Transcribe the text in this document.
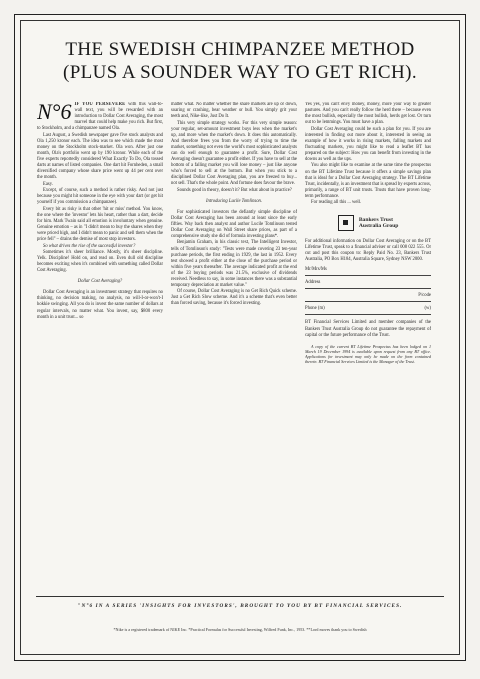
THE SWEDISH CHIMPANZEE METHOD
(PLUS A SOUNDER WAY TO GET RICH).

N°6 IF YOU PERSEVERE with this wall-to-wall text, you will be rewarded with an introduction to Dollar Cost Averaging, the most marvel that could help make you rich. But first, to Stockholm, and a chimpanzee named Ola.

Last August, a Swedish newspaper gave five stock analysts and Ola 1,250 kronor each. The idea was to see which made the most money on the Stockholm stock-market. Ola won. After just one month, Ola's portfolio went up by 190 kronor. While each of the five experts reportedly considered What Exactly To Do, Ola tossed darts at names of listed companies. One dart hit Fornheden, a small diversified company whose share price went up 44 per cent over the month.

Easy.

Except, of course, such a method is rather risky. And not just because you might hit someone in the eye with your dart (or get hit yourself if you commission a chimpanzee).

Every bit as risky is that other 'hit or miss' method. You know, the one where the 'investor' lets his heart, rather than a dart, decide for him. Mark Twain said all emotion is involuntary when genuine. Genuine emotion – as in "I didn't mean to buy the shares when they were priced high, and I didn't mean to panic and sell them when the price fell" – drains the demise of most stop investors.

So what drives the rise of the successful investor?

Sometimes it's sheer brilliance. Mostly, it's sheer discipline. Yelk. Discipline! Hold on, and read on. Even dull old discipline becomes exciting when it's combined with something called Dollar Cost Averaging.

Dollar Cost Averaging?

Dollar Cost Averaging is an investment strategy that requires no thinking, no decision making, no analysis, no will-I-or-won't-I hokkie swinging. All you do is invest the same number of dollars at regular intervals, no matter what. You invest, say, $800 every month in a unit trust... so

matter what. No matter whether the share markets are up or down, soaring or crashing, bear weather or bull. You simply grit your teeth and, Nike-like, Just Do It.

This very simple strategy works. For this very simple reason: your regular, set-amount investment buys less when the market's up, and more when the market's down. It does this automatically. And therefore frees you from the worry of trying to time the market, something not even the world's most sophisticated analysts can do well enough to guarantee a profit. Sure, Dollar Cost Averaging doesn't guarantee a profit either. If you have to sell at the bottom of a falling market you will lose money – just like anyone who's forced to sell at the bottom. But when you stick to a disciplined Dollar Cost Averaging plan, you are freezed to buy... not sell. That's the whole point. And fortune does favour the brave.

Sounds good in theory, doesn't it? But what about in practice?

Introducing Lucile Tomlinson.

For sophisticated investors the defiantly simple discipline of Dollar Cost Averaging has been around at least since the early fifties. Way back then analyst and author Lucile Tomlinson tested Dollar Cost Averaging on Wall Street share prices, as part of a comprehensive study she did of formula investing plans*.

Benjamin Graham, in his classic text, The Intelligent Investor, tells of Tomlinson's study: "Tests were made covering 23 ten-year purchase periods, the first ending in 1929, the last in 1952. Every test showed a profit either at the close of the purchase period or within five years thereafter. The average indicated profit at the end of the 23 buying periods was 21.5%, exclusive of dividends received. Needless to say, in some instances there was a substantial temporary depreciation at market value."

Of course, Dollar Cost Averaging is no Get Rich Quick scheme. Just a Get Rich Slow scheme. And it's a scheme that's even better than forced saving, because it's forced investing.

Yes yes, you can't envy money, money, more your way to greater pastures. And you can't really follow the herd there – because even the most bullish, especially the most bullish, herds get lost. Or turn out to be lemmings. You must have a plan.

Dollar Cost Averaging could be such a plan for you. If you are interested in finding out more about it, interested in seeing an example of how it works in rising markets, falling markets and fluctuating markets, you might like to read a leaflet BT has prepared on the subject: How you can benefit from investing in the downs as well as the ups.

You also might like to examine at the same time the prospectus on the BT Lifetime Trust because it offers a simple savings plan that is ideal for a Dollar Cost Averaging strategy. The BT Lifetime Trust, incidentally, is an investment that is spread by experts across, primarily, a range of BT unit trusts. Trusts that have proven long-term performance.

For reading all this ... well.

Bankers Trust
Australia Group

For additional information on Dollar Cost Averaging or on the BT Lifetime Trust, speak to a financial adviser or call 008 022 555. Or cut and post this coupon to: Reply Paid No. 23, Bankers Trust Australia, PO Box H184, Australia Square, Sydney NSW 2000.

Mr/Mrs/Ms
Address
P/code
Phone (m)	(w)

BT Financial Services Limited and member companies of the Bankers Trust Australia Group do not guarantee the repayment of capital or the future performance of the Trust.

A copy of the current BT Lifetime Prospectus has been lodged on 1 March 19 December 1994 is available upon request from any BT office. Applications for investment may only be made on the form contained therein. BT Financial Services Limited is the Manager of the Trust.

"N°6 IN A SERIES 'INSIGHTS FOR INVESTORS', BROUGHT TO YOU BY BT FINANCIAL SERVICES.
*Nike is a registered trademark of NIKE Inc. *Practical Formulas for Successful Investing, Wilfred Funk, Inc., 1953. **Lord moves thank you to Swedish
